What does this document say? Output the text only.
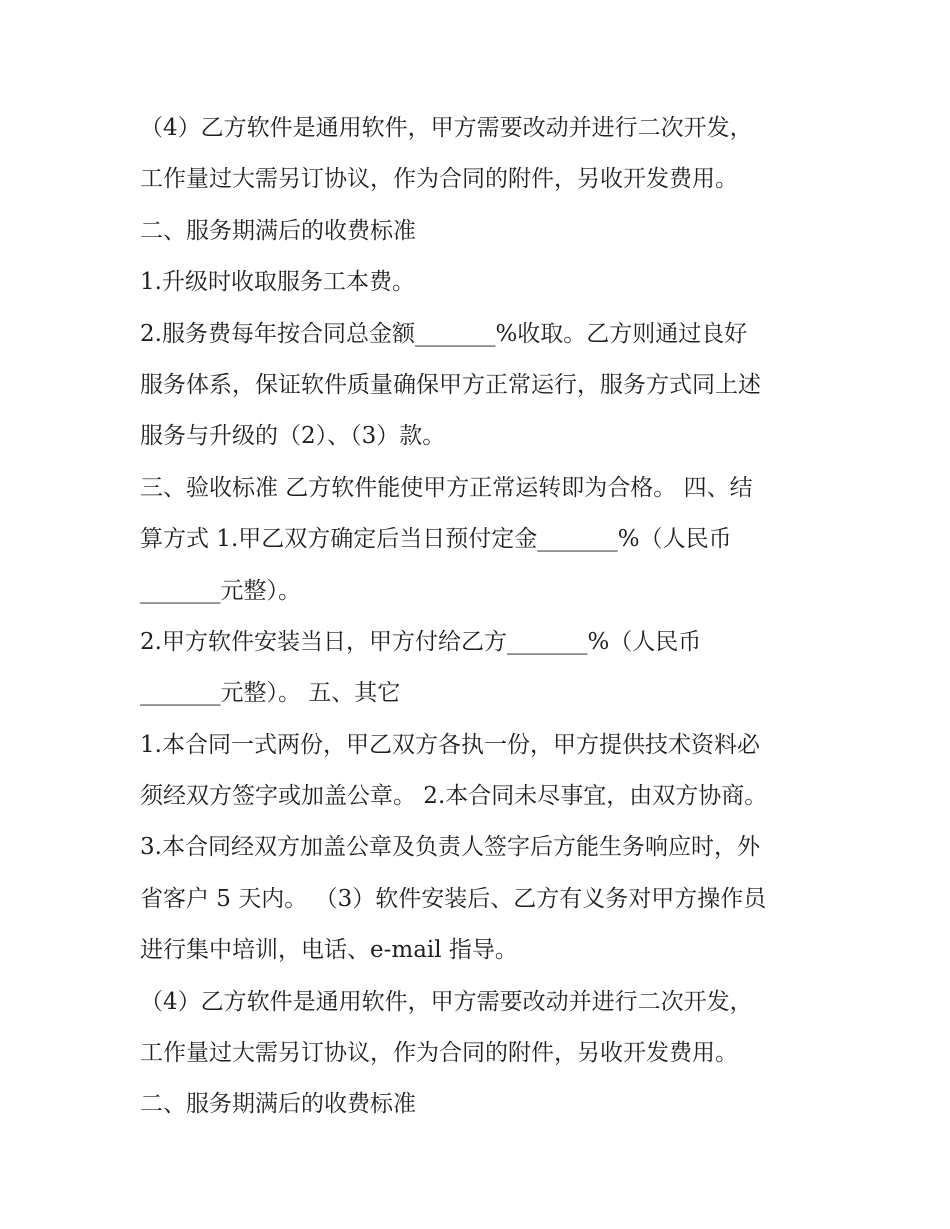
（4）乙方软件是通用软件，甲方需要改动并进行二次开发，
工作量过大需另订协议，作为合同的附件，另收开发费用。
二、服务期满后的收费标准
1.升级时收取服务工本费。
2.服务费每年按合同总金额_______%收取。乙方则通过良好
服务体系，保证软件质量确保甲方正常运行，服务方式同上述
服务与升级的（2）、（3）款。
三、验收标准 乙方软件能使甲方正常运转即为合格。 四、结
算方式 1.甲乙双方确定后当日预付定金_______%（人民币
_______元整）。
2.甲方软件安装当日，甲方付给乙方_______%（人民币
_______元整）。 五、其它
1.本合同一式两份，甲乙双方各执一份，甲方提供技术资料必
须经双方签字或加盖公章。 2.本合同未尽事宜，由双方协商。
3.本合同经双方加盖公章及负责人签字后方能生务响应时，外
省客户 5 天内。 （3）软件安装后、乙方有义务对甲方操作员
进行集中培训，电话、e-mail 指导。
（4）乙方软件是通用软件，甲方需要改动并进行二次开发，
工作量过大需另订协议，作为合同的附件，另收开发费用。
二、服务期满后的收费标准
